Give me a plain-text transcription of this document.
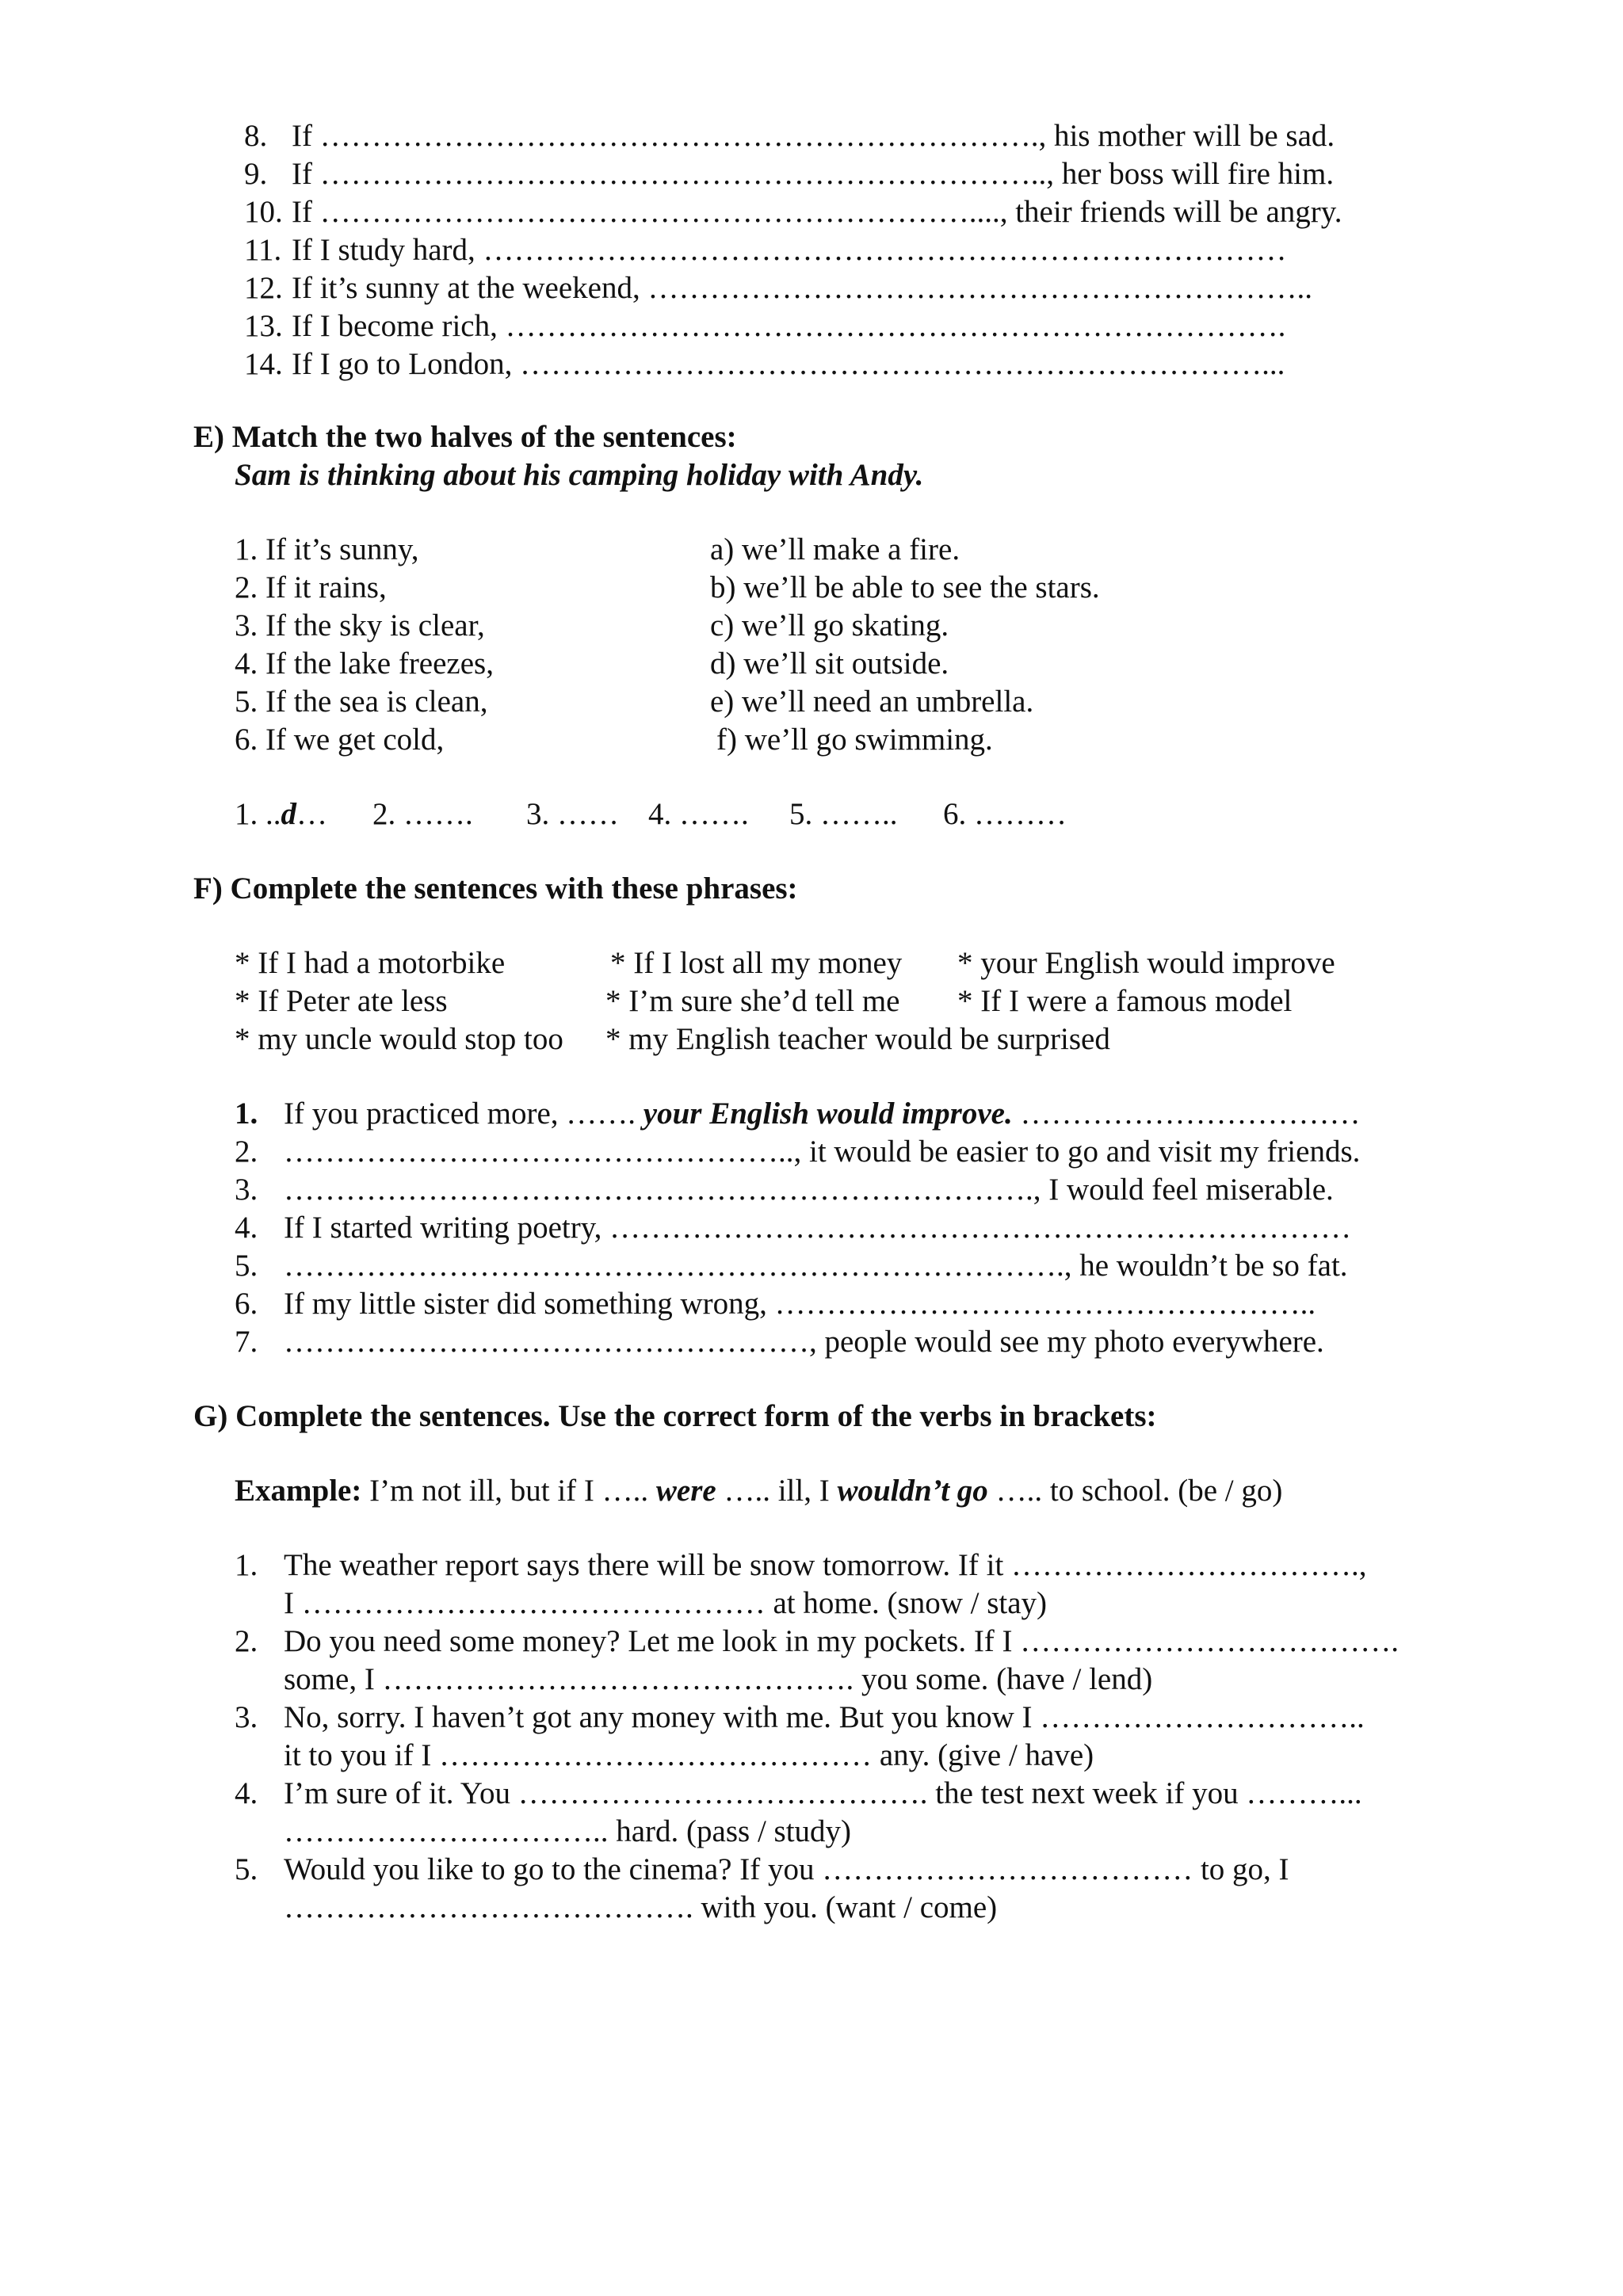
8. If ……………………………………………………………., his mother will be sad.
9. If …………………………………………………………….., her boss will fire him.
10. If ………………………………………………………...., their friends will be angry.
11. If I study hard, ……………………………………………………………………
12. If it’s sunny at the weekend, ………………………………………………………..
13. If I become rich, ………………………………………………………………….
14. If I go to London, ………………………………………………………………...
E) Match the two halves of the sentences:
Sam is thinking about his camping holiday with Andy.
1. If it’s sunny,
2. If it rains,
3. If the sky is clear,
4. If the lake freezes,
5. If the sea is clean,
6. If we get cold,
a) we’ll make a fire.
b) we’ll be able to see the stars.
c) we’ll go skating.
d) we’ll sit outside.
e) we’ll need an umbrella.
f) we’ll go swimming.
1. ..d… 2. ……. 3. …… 4. ……. 5. …….. 6. ………
F) Complete the sentences with these phrases:
* If I had a motorbike	* If I lost all my money * your English would improve
* If Peter ate less	* I’m sure she’d tell me * If I were a famous model
* my uncle would stop too * my English teacher would be surprised
1. If you practiced more, ……. your English would improve. ……………………………
2. ………………………………………….., it would be easier to go and visit my friends.
3. ………………………………………………………………., I would feel miserable.
4. If I started writing poetry, ………………………………………………………………
5. …………………………………………………………………., he wouldn’t be so fat.
6. If my little sister did something wrong, ……………………………………………..
7. ……………………………………………, people would see my photo everywhere.
G) Complete the sentences. Use the correct form of the verbs in brackets:
Example: I’m not ill, but if I ….. were ….. ill, I wouldn’t go ….. to school. (be / go)
1. The weather report says there will be snow tomorrow. If it …………………………….,
I ……………………………………… at home. (snow / stay)
2. Do you need some money? Let me look in my pockets. If I ……………………………….
some, I ………………………………………. you some. (have / lend)
3. No, sorry. I haven’t got any money with me. But you know I …………………………..
it to you if I …………………………………… any. (give / have)
4. I’m sure of it. You …………………………………. the test next week if you ………...
………………………….. hard. (pass / study)
5. Would you like to go to the cinema? If you ……………………………… to go, I
…………………………………. with you. (want / come)
